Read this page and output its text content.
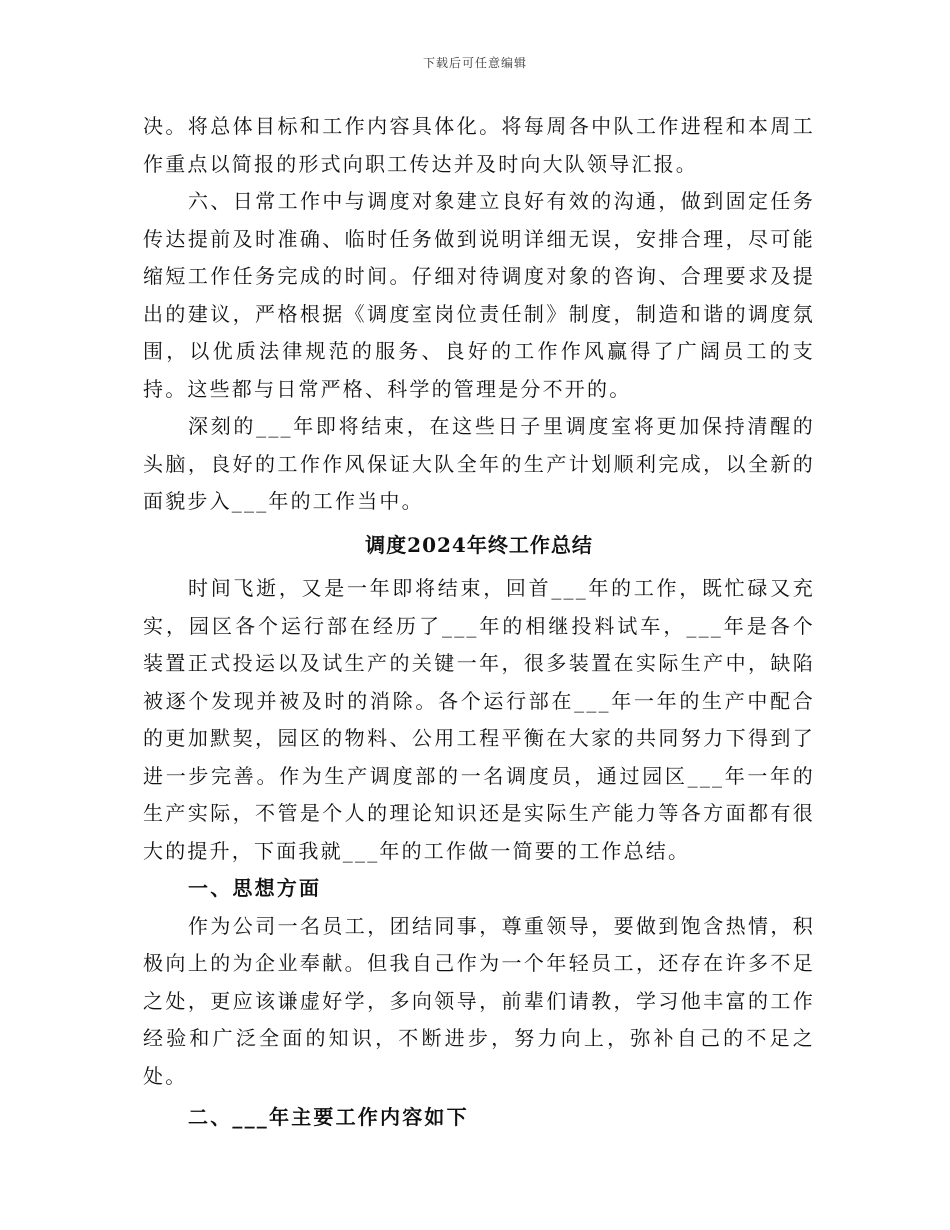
下载后可任意编辑

决。将总体目标和工作内容具体化。将每周各中队工作进程和本周工作重点以简报的形式向职工传达并及时向大队领导汇报。

六、日常工作中与调度对象建立良好有效的沟通，做到固定任务传达提前及时准确、临时任务做到说明详细无误，安排合理，尽可能缩短工作任务完成的时间。仔细对待调度对象的咨询、合理要求及提出的建议，严格根据《调度室岗位责任制》制度，制造和谐的调度氛围，以优质法律规范的服务、良好的工作作风赢得了广阔员工的支持。这些都与日常严格、科学的管理是分不开的。

深刻的___年即将结束，在这些日子里调度室将更加保持清醒的头脑，良好的工作作风保证大队全年的生产计划顺利完成，以全新的面貌步入___年的工作当中。

调度2024年终工作总结

时间飞逝，又是一年即将结束，回首___年的工作，既忙碌又充实，园区各个运行部在经历了___年的相继投料试车，___年是各个装置正式投运以及试生产的关键一年，很多装置在实际生产中，缺陷被逐个发现并被及时的消除。各个运行部在___年一年的生产中配合的更加默契，园区的物料、公用工程平衡在大家的共同努力下得到了进一步完善。作为生产调度部的一名调度员，通过园区___年一年的生产实际，不管是个人的理论知识还是实际生产能力等各方面都有很大的提升，下面我就___年的工作做一简要的工作总结。

一、思想方面

作为公司一名员工，团结同事，尊重领导，要做到饱含热情，积极向上的为企业奉献。但我自己作为一个年轻员工，还存在许多不足之处，更应该谦虚好学，多向领导，前辈们请教，学习他丰富的工作经验和广泛全面的知识，不断进步，努力向上，弥补自己的不足之处。

二、___年主要工作内容如下
